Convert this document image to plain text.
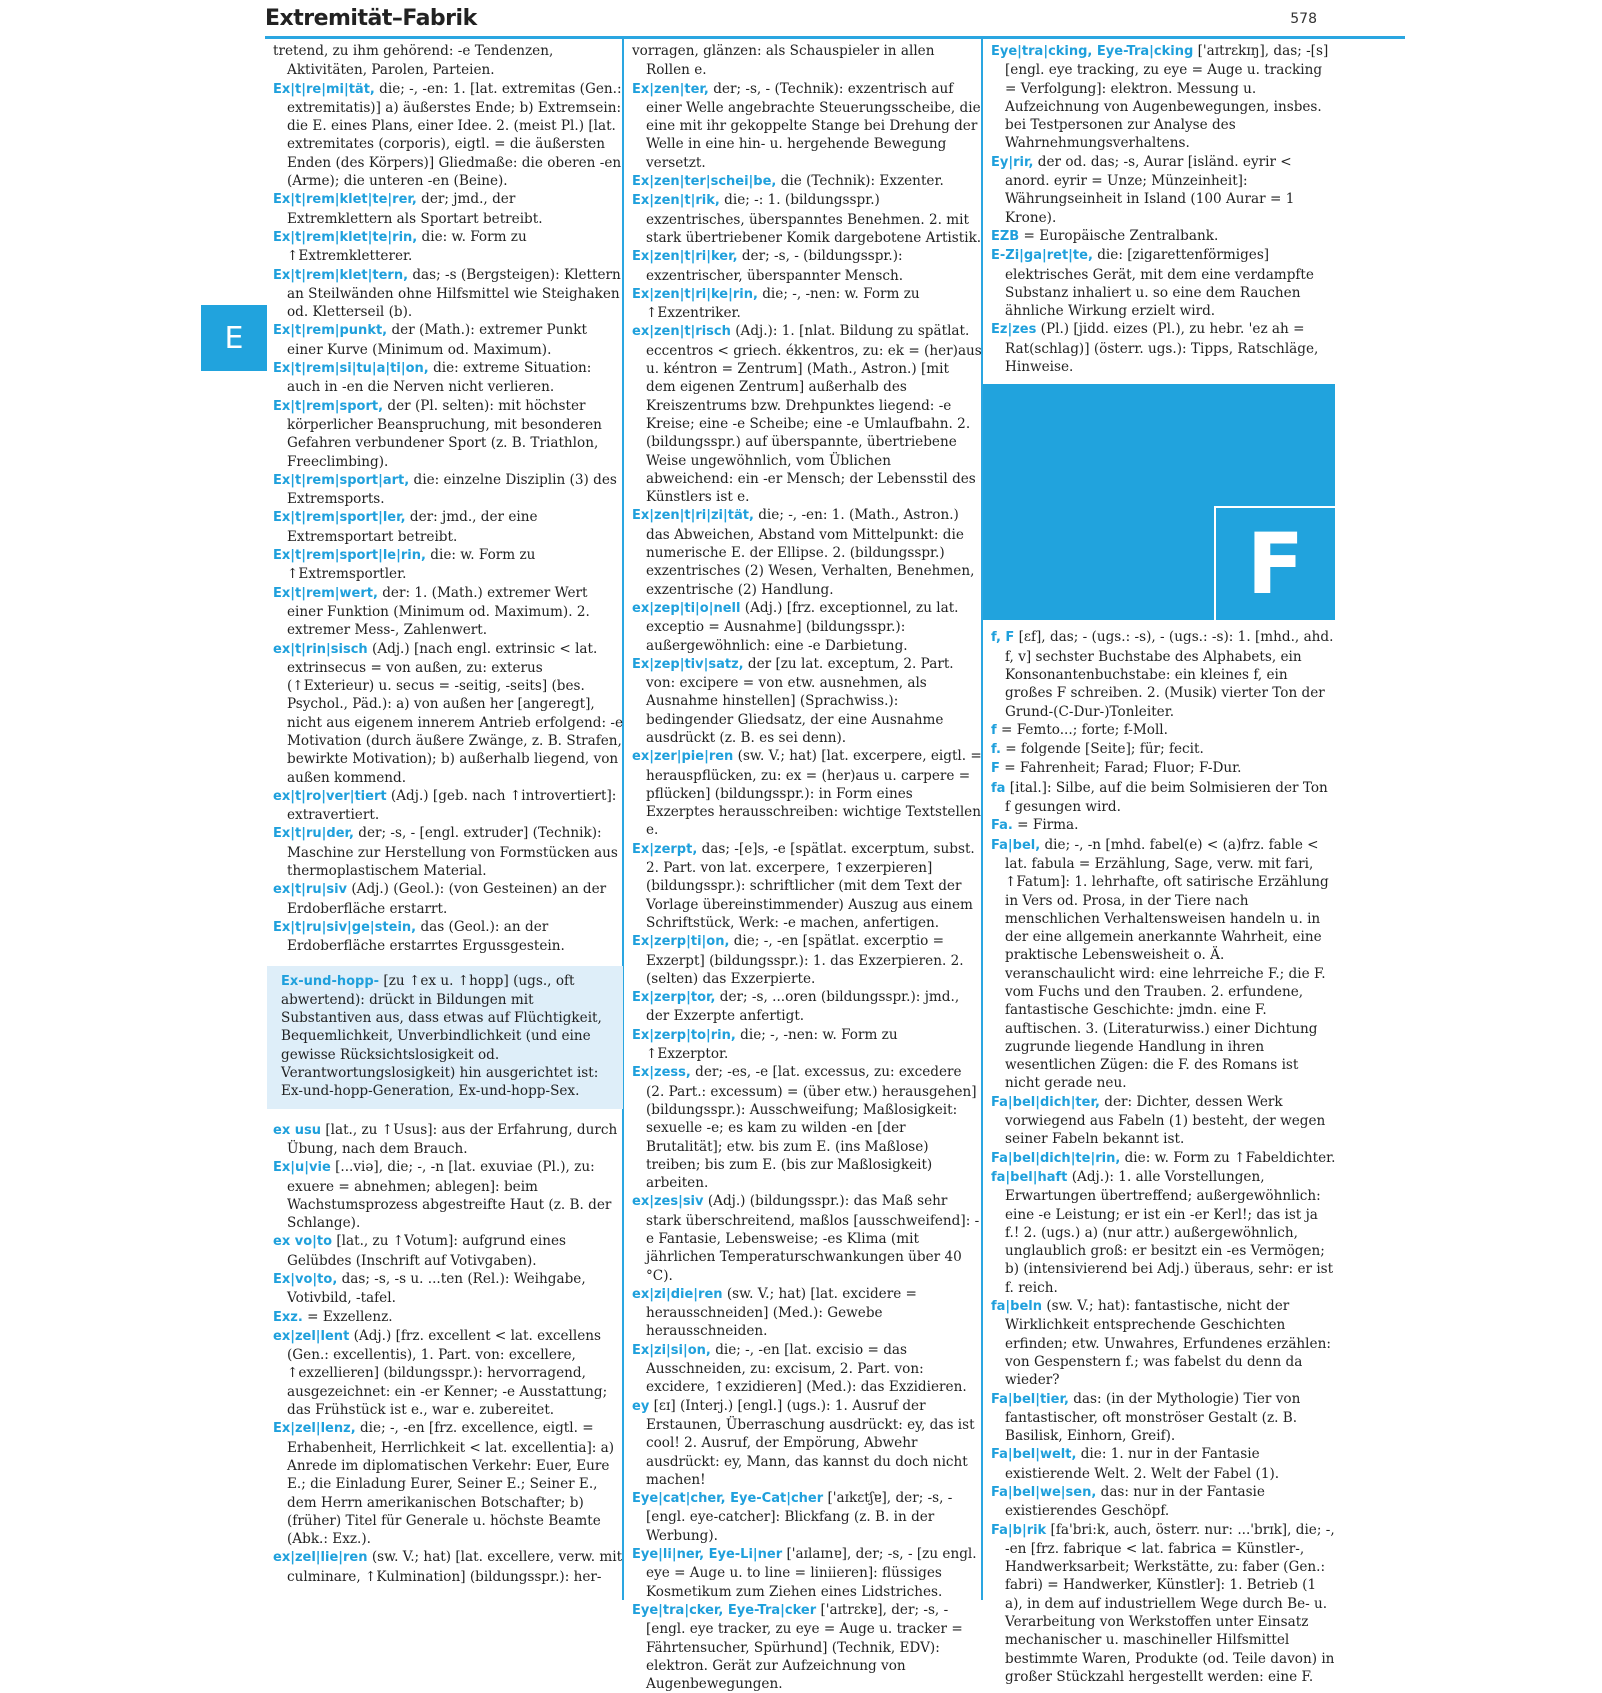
Extremität–Fabrik	578
E

tretend, zu ihm gehörend: -e Tendenzen, Aktivitäten, Parolen, Parteien.

Ex|t|re|mi|tät, die; -, -en: 1. [lat. extremitas (Gen.: extremitatis)] a) äußerstes Ende; b) Extremsein: die E. eines Plans, einer Idee. 2. (meist Pl.) [lat. extremitates (corporis), eigtl. = die äußersten Enden (des Körpers)] Gliedmaße: die oberen -en (Arme); die unteren -en (Beine).

Ex|t|rem|klet|te|rer, der; jmd., der Extremklettern als Sportart betreibt.

Ex|t|rem|klet|te|rin, die: w. Form zu ↑Extremkletterer.

Ex|t|rem|klet|tern, das; -s (Bergsteigen): Klettern an Steilwänden ohne Hilfsmittel wie Steighaken od. Kletterseil (b).

Ex|t|rem|punkt, der (Math.): extremer Punkt einer Kurve (Minimum od. Maximum).

Ex|t|rem|si|tu|a|ti|on, die: extreme Situation: auch in -en die Nerven nicht verlieren.

Ex|t|rem|sport, der (Pl. selten): mit höchster körperlicher Beanspruchung, mit besonderen Gefahren verbundener Sport (z. B. Triathlon, Freeclimbing).

Ex|t|rem|sport|art, die: einzelne Disziplin (3) des Extremsports.

Ex|t|rem|sport|ler, der: jmd., der eine Extremsportart betreibt.

Ex|t|rem|sport|le|rin, die: w. Form zu ↑Extremsportler.

Ex|t|rem|wert, der: 1. (Math.) extremer Wert einer Funktion (Minimum od. Maximum). 2. extremer Mess-, Zahlenwert.

ex|t|rin|sisch (Adj.) [nach engl. extrinsic < lat. extrinsecus = von außen, zu: exterus (↑Exterieur) u. secus = -seitig, -seits] (bes. Psychol., Päd.): a) von außen her [angeregt], nicht aus eigenem innerem Antrieb erfolgend: -e Motivation (durch äußere Zwänge, z. B. Strafen, bewirkte Motivation); b) außerhalb liegend, von außen kommend.

ex|t|ro|ver|tiert (Adj.) [geb. nach ↑introvertiert]: extravertiert.

Ex|t|ru|der, der; -s, - [engl. extruder] (Technik): Maschine zur Herstellung von Formstücken aus thermoplastischem Material.

ex|t|ru|siv (Adj.) (Geol.): (von Gesteinen) an der Erdoberfläche erstarrt.

Ex|t|ru|siv|ge|stein, das (Geol.): an der Erdoberfläche erstarrtes Ergussgestein.

Ex-und-hopp- [zu ↑ex u. ↑hopp] (ugs., oft abwertend): drückt in Bildungen mit Substantiven aus, dass etwas auf Flüchtigkeit, Bequemlichkeit, Unverbindlichkeit (und eine gewisse Rücksichtslosigkeit od. Verantwortungslosigkeit) hin ausgerichtet ist: Ex-und-hopp-Generation, Ex-und-hopp-Sex.

ex usu [lat., zu ↑Usus]: aus der Erfahrung, durch Übung, nach dem Brauch.

Ex|u|vie [...viə], die; -, -n [lat. exuviae (Pl.), zu: exuere = abnehmen; ablegen]: beim Wachstumsprozess abgestreifte Haut (z. B. der Schlange).

ex vo|to [lat., zu ↑Votum]: aufgrund eines Gelübdes (Inschrift auf Votivgaben).

Ex|vo|to, das; -s, -s u. ...ten (Rel.): Weihgabe, Votivbild, -tafel.

Exz. = Exzellenz.

ex|zel|lent (Adj.) [frz. excellent < lat. excellens (Gen.: excellentis), 1. Part. von: excellere, ↑exzellieren] (bildungsspr.): hervorragend, ausgezeichnet: ein -er Kenner; -e Ausstattung; das Frühstück ist e., war e. zubereitet.

Ex|zel|lenz, die; -, -en [frz. excellence, eigtl. = Erhabenheit, Herrlichkeit < lat. excellentia]: a) Anrede im diplomatischen Verkehr: Euer, Eure E.; die Einladung Eurer, Seiner E.; Seiner E., dem Herrn amerikanischen Botschafter; b) (früher) Titel für Generale u. höchste Beamte (Abk.: Exz.).

ex|zel|lie|ren (sw. V.; hat) [lat. excellere, verw. mit culminare, ↑Kulmination] (bildungsspr.): her-

vorragen, glänzen: als Schauspieler in allen Rollen e.

Ex|zen|ter, der; -s, - (Technik): exzentrisch auf einer Welle angebrachte Steuerungsscheibe, die eine mit ihr gekoppelte Stange bei Drehung der Welle in eine hin- u. hergehende Bewegung versetzt.

Ex|zen|ter|schei|be, die (Technik): Exzenter.

Ex|zen|t|rik, die; -: 1. (bildungsspr.) exzentrisches, überspanntes Benehmen. 2. mit stark übertriebener Komik dargebotene Artistik.

Ex|zen|t|ri|ker, der; -s, - (bildungsspr.): exzentrischer, überspannter Mensch.

Ex|zen|t|ri|ke|rin, die; -, -nen: w. Form zu ↑Exzentriker.

ex|zen|t|risch (Adj.): 1. [nlat. Bildung zu spätlat. eccentros < griech. ékkentros, zu: ek = (her)aus u. kéntron = Zentrum] (Math., Astron.) [mit dem eigenen Zentrum] außerhalb des Kreiszentrums bzw. Drehpunktes liegend: -e Kreise; eine -e Scheibe; eine -e Umlaufbahn. 2. (bildungsspr.) auf überspannte, übertriebene Weise ungewöhnlich, vom Üblichen abweichend: ein -er Mensch; der Lebensstil des Künstlers ist e.

Ex|zen|t|ri|zi|tät, die; -, -en: 1. (Math., Astron.) das Abweichen, Abstand vom Mittelpunkt: die numerische E. der Ellipse. 2. (bildungsspr.) exzentrisches (2) Wesen, Verhalten, Benehmen, exzentrische (2) Handlung.

ex|zep|ti|o|nell (Adj.) [frz. exceptionnel, zu lat. exceptio = Ausnahme] (bildungsspr.): außergewöhnlich: eine -e Darbietung.

Ex|zep|tiv|satz, der [zu lat. exceptum, 2. Part. von: excipere = von etw. ausnehmen, als Ausnahme hinstellen] (Sprachwiss.): bedingender Gliedsatz, der eine Ausnahme ausdrückt (z. B. es sei denn).

ex|zer|pie|ren (sw. V.; hat) [lat. excerpere, eigtl. = herauspflücken, zu: ex = (her)aus u. carpere = pflücken] (bildungsspr.): in Form eines Exzerptes herausschreiben: wichtige Textstellen e.

Ex|zerpt, das; -[e]s, -e [spätlat. excerptum, subst. 2. Part. von lat. excerpere, ↑exzerpieren] (bildungsspr.): schriftlicher (mit dem Text der Vorlage übereinstimmender) Auszug aus einem Schriftstück, Werk: -e machen, anfertigen.

Ex|zerp|ti|on, die; -, -en [spätlat. excerptio = Exzerpt] (bildungsspr.): 1. das Exzerpieren. 2. (selten) das Exzerpierte.

Ex|zerp|tor, der; -s, ...oren (bildungsspr.): jmd., der Exzerpte anfertigt.

Ex|zerp|to|rin, die; -, -nen: w. Form zu ↑Exzerptor.

Ex|zess, der; -es, -e [lat. excessus, zu: excedere (2. Part.: excessum) = (über etw.) herausgehen] (bildungsspr.): Ausschweifung; Maßlosigkeit: sexuelle -e; es kam zu wilden -en [der Brutalität]; etw. bis zum E. (ins Maßlose) treiben; bis zum E. (bis zur Maßlosigkeit) arbeiten.

ex|zes|siv (Adj.) (bildungsspr.): das Maß sehr stark überschreitend, maßlos [ausschweifend]: -e Fantasie, Lebensweise; -es Klima (mit jährlichen Temperaturschwankungen über 40 °C).

ex|zi|die|ren (sw. V.; hat) [lat. excidere = herausschneiden] (Med.): Gewebe herausschneiden.

Ex|zi|si|on, die; -, -en [lat. excisio = das Ausschneiden, zu: excisum, 2. Part. von: excidere, ↑exzidieren] (Med.): das Exzidieren.

ey [ɛɪ] (Interj.) [engl.] (ugs.): 1. Ausruf der Erstaunen, Überraschung ausdrückt: ey, das ist cool! 2. Ausruf, der Empörung, Abwehr ausdrückt: ey, Mann, das kannst du doch nicht machen!

Eye|cat|cher, Eye-Cat|cher ['aɪkɛtʃɐ], der; -s, - [engl. eye-catcher]: Blickfang (z. B. in der Werbung).

Eye|li|ner, Eye-Li|ner ['aɪlaɪnɐ], der; -s, - [zu engl. eye = Auge u. to line = liniieren]: flüssiges Kosmetikum zum Ziehen eines Lidstriches.

Eye|tra|cker, Eye-Tra|cker ['aɪtrɛkɐ], der; -s, - [engl. eye tracker, zu eye = Auge u. tracker = Fährtensucher, Spürhund] (Technik, EDV): elektron. Gerät zur Aufzeichnung von Augenbewegungen.

Eye|tra|cking, Eye-Tra|cking ['aɪtrɛkɪŋ], das; -[s] [engl. eye tracking, zu eye = Auge u. tracking = Verfolgung]: elektron. Messung u. Aufzeichnung von Augenbewegungen, insbes. bei Testpersonen zur Analyse des Wahrnehmungsverhaltens.

Ey|rir, der od. das; -s, Aurar [isländ. eyrir < anord. eyrir = Unze; Münzeinheit]: Währungseinheit in Island (100 Aurar = 1 Krone).

EZB = Europäische Zentralbank.

E-Zi|ga|ret|te, die: [zigarettenförmiges] elektrisches Gerät, mit dem eine verdampfte Substanz inhaliert u. so eine dem Rauchen ähnliche Wirkung erzielt wird.

Ez|zes (Pl.) [jidd. eizes (Pl.), zu hebr. 'ez ah = Rat(schlag)] (österr. ugs.): Tipps, Ratschläge, Hinweise.

F

f, F [ɛf], das; - (ugs.: -s), - (ugs.: -s): 1. [mhd., ahd. f, v] sechster Buchstabe des Alphabets, ein Konsonantenbuchstabe: ein kleines f, ein großes F schreiben. 2. (Musik) vierter Ton der Grund-(C-Dur-)Tonleiter.

f = Femto...; forte; f-Moll.

f. = folgende [Seite]; für; fecit.

F = Fahrenheit; Farad; Fluor; F-Dur.

fa [ital.]: Silbe, auf die beim Solmisieren der Ton f gesungen wird.

Fa. = Firma.

Fa|bel, die; -, -n [mhd. fabel(e) < (a)frz. fable < lat. fabula = Erzählung, Sage, verw. mit fari, ↑Fatum]: 1. lehrhafte, oft satirische Erzählung in Vers od. Prosa, in der Tiere nach menschlichen Verhaltensweisen handeln u. in der eine allgemein anerkannte Wahrheit, eine praktische Lebensweisheit o. Ä. veranschaulicht wird: eine lehrreiche F.; die F. vom Fuchs und den Trauben. 2. erfundene, fantastische Geschichte: jmdn. eine F. auftischen. 3. (Literaturwiss.) einer Dichtung zugrunde liegende Handlung in ihren wesentlichen Zügen: die F. des Romans ist nicht gerade neu.

Fa|bel|dich|ter, der: Dichter, dessen Werk vorwiegend aus Fabeln (1) besteht, der wegen seiner Fabeln bekannt ist.

Fa|bel|dich|te|rin, die: w. Form zu ↑Fabeldichter.

fa|bel|haft (Adj.): 1. alle Vorstellungen, Erwartungen übertreffend; außergewöhnlich: eine -e Leistung; er ist ein -er Kerl!; das ist ja f.! 2. (ugs.) a) (nur attr.) außergewöhnlich, unglaublich groß: er besitzt ein -es Vermögen; b) (intensivierend bei Adj.) überaus, sehr: er ist f. reich.

fa|beln (sw. V.; hat): fantastische, nicht der Wirklichkeit entsprechende Geschichten erfinden; etw. Unwahres, Erfundenes erzählen: von Gespenstern f.; was fabelst du denn da wieder?

Fa|bel|tier, das: (in der Mythologie) Tier von fantastischer, oft monströser Gestalt (z. B. Basilisk, Einhorn, Greif).

Fa|bel|welt, die: 1. nur in der Fantasie existierende Welt. 2. Welt der Fabel (1).

Fa|bel|we|sen, das: nur in der Fantasie existierendes Geschöpf.

Fa|b|rik [fa'bri:k, auch, österr. nur: ...'brɪk], die; -, -en [frz. fabrique < lat. fabrica = Künstler-, Handwerksarbeit; Werkstätte, zu: faber (Gen.: fabri) = Handwerker, Künstler]: 1. Betrieb (1 a), in dem auf industriellem Wege durch Be- u. Verarbeitung von Werkstoffen unter Einsatz mechanischer u. maschineller Hilfsmittel bestimmte Waren, Produkte (od. Teile davon) in großer Stückzahl hergestellt werden: eine F.
